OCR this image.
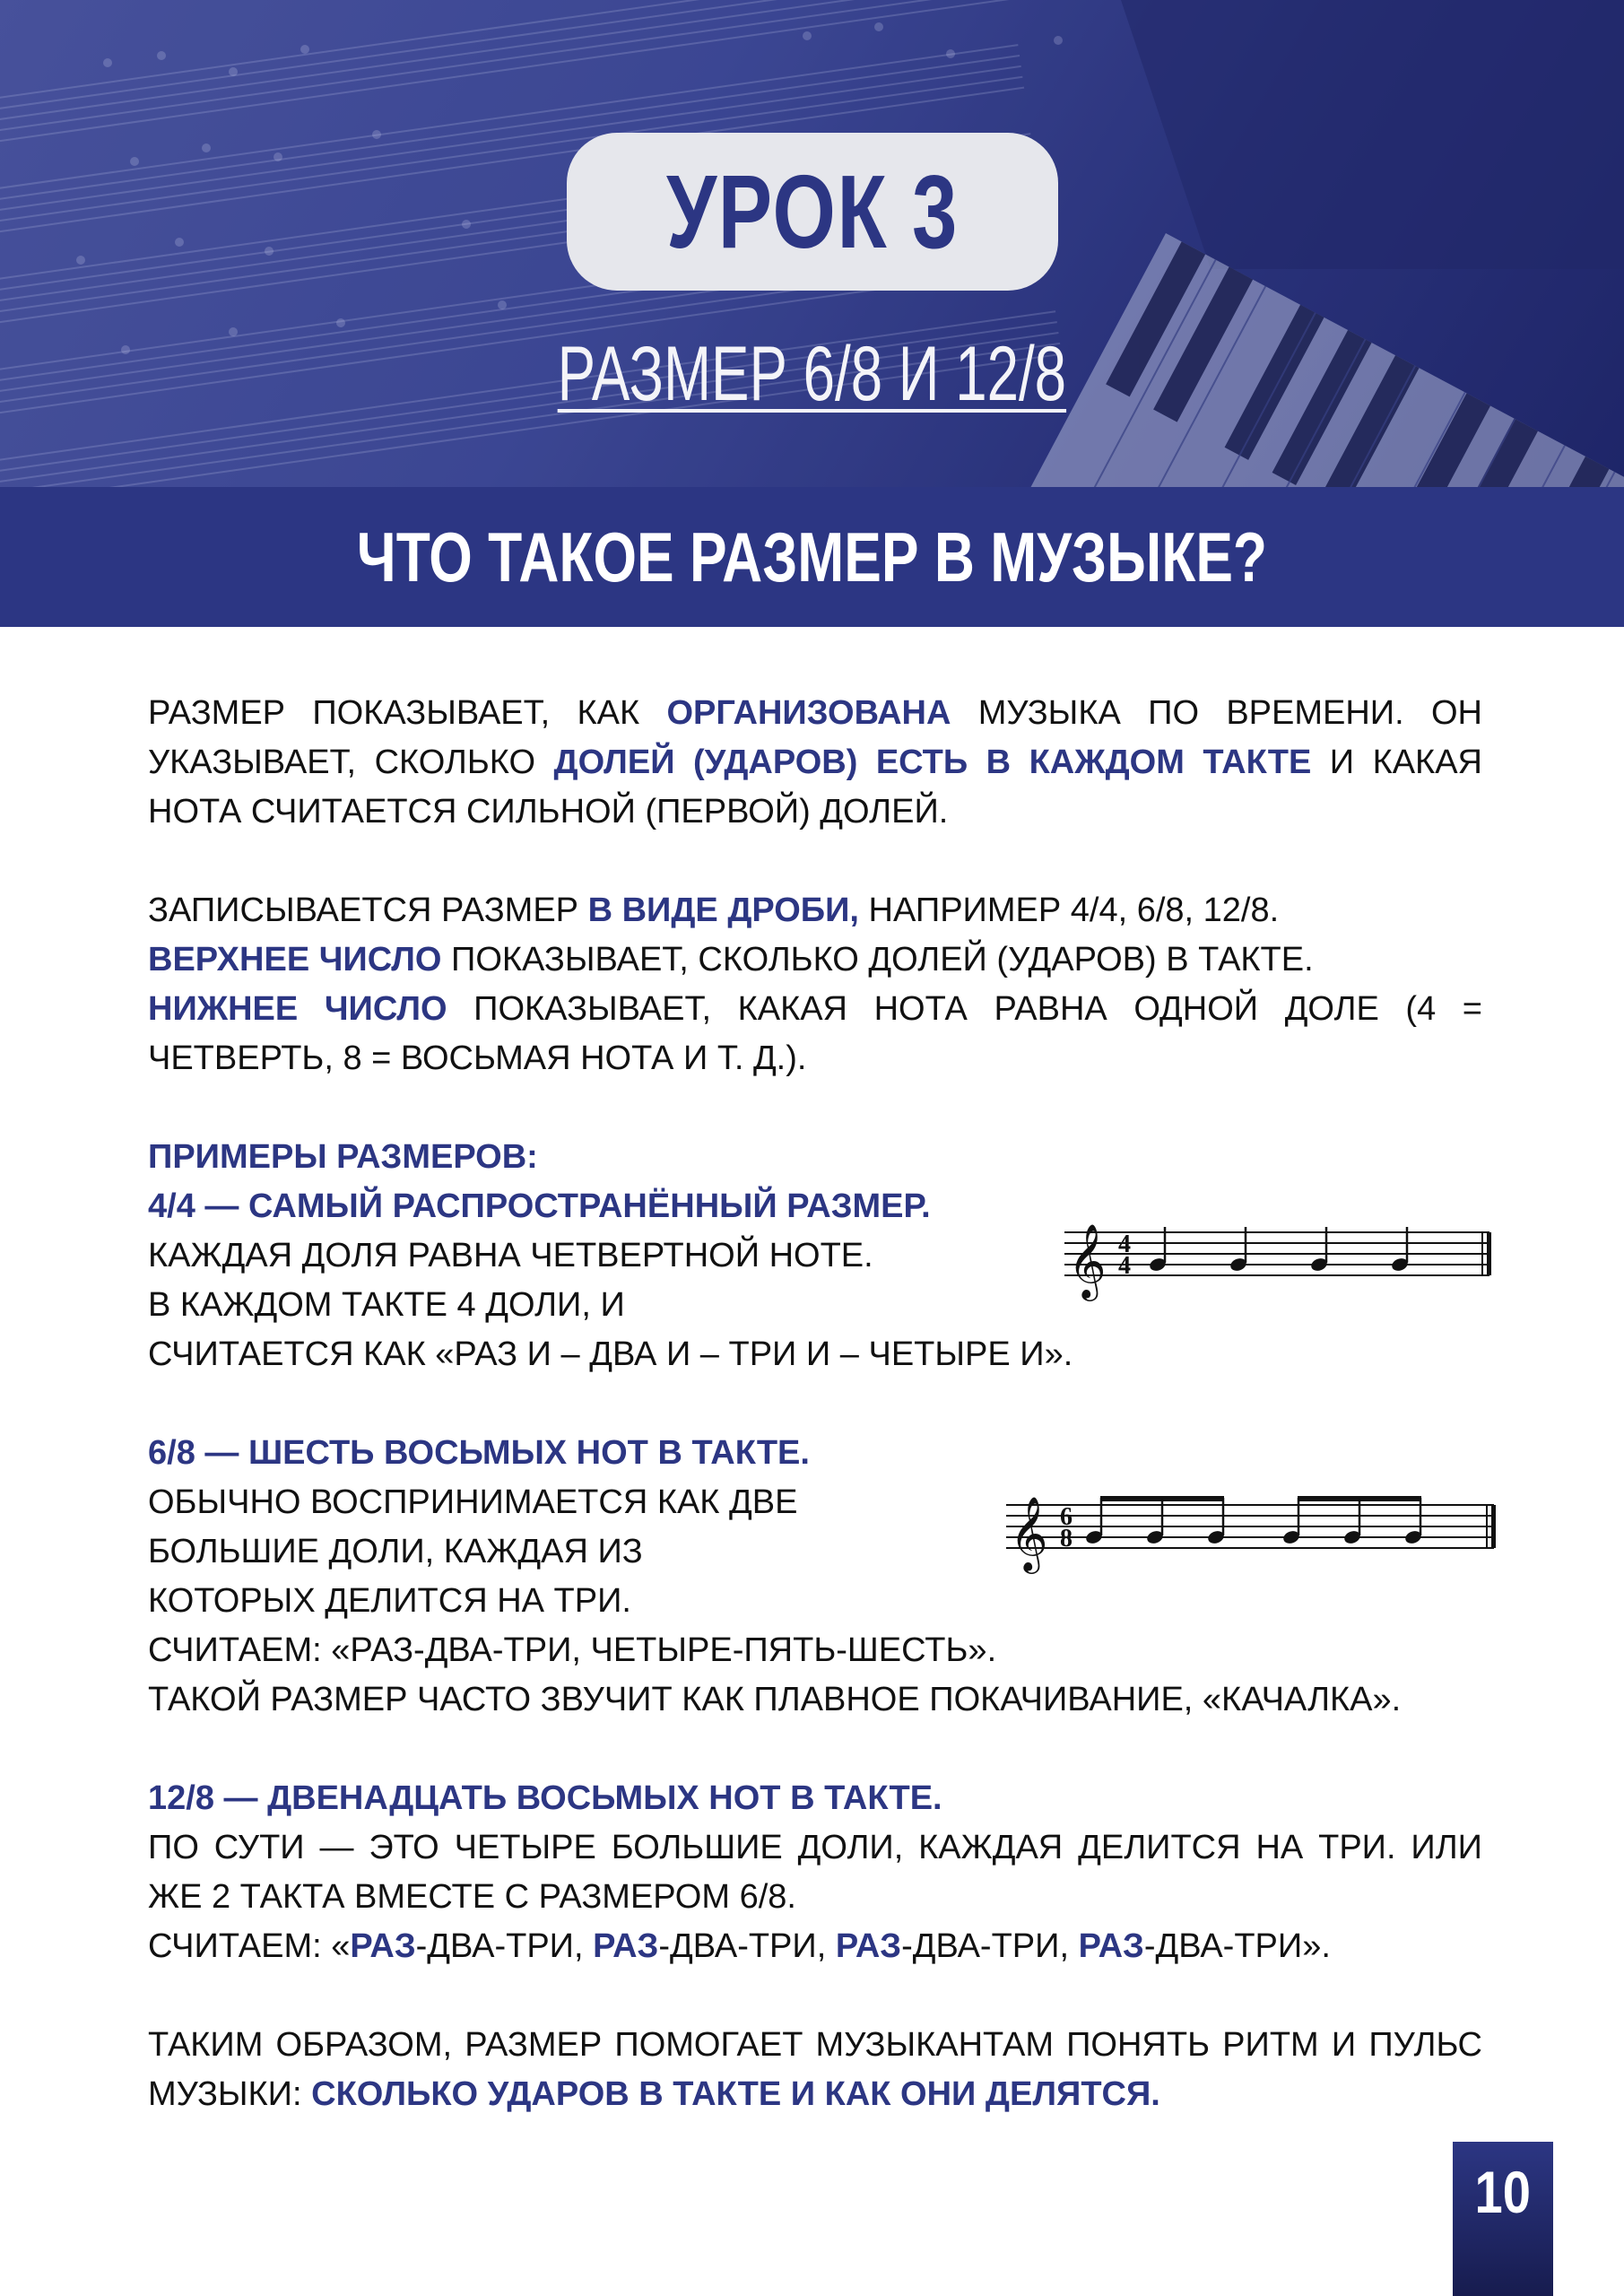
УРОК 3
РАЗМЕР 6/8 И 12/8
ЧТО ТАКОЕ РАЗМЕР В МУЗЫКЕ?

РАЗМЕР ПОКАЗЫВАЕТ, КАК ОРГАНИЗОВАНА МУЗЫКА ПО ВРЕМЕНИ. ОН УКАЗЫВАЕТ, СКОЛЬКО ДОЛЕЙ (УДАРОВ) ЕСТЬ В КАЖДОМ ТАКТЕ И КАКАЯ НОТА СЧИТАЕТСЯ СИЛЬНОЙ (ПЕРВОЙ) ДОЛЕЙ.

ЗАПИСЫВАЕТСЯ РАЗМЕР В ВИДЕ ДРОБИ, НАПРИМЕР 4/4, 6/8, 12/8.

ВЕРХНЕЕ ЧИСЛО ПОКАЗЫВАЕТ, СКОЛЬКО ДОЛЕЙ (УДАРОВ) В ТАКТЕ.

НИЖНЕЕ ЧИСЛО ПОКАЗЫВАЕТ, КАКАЯ НОТА РАВНА ОДНОЙ ДОЛЕ (4 = ЧЕТВЕРТЬ, 8 = ВОСЬМАЯ НОТА И Т. Д.).

ПРИМЕРЫ РАЗМЕРОВ:

4/4 — САМЫЙ РАСПРОСТРАНЁННЫЙ РАЗМЕР.

КАЖДАЯ ДОЛЯ РАВНА ЧЕТВЕРТНОЙ НОТЕ.

В КАЖДОМ ТАКТЕ 4 ДОЛИ, И

СЧИТАЕТСЯ КАК «РАЗ И – ДВА И – ТРИ И – ЧЕТЫРЕ И».

6/8 — ШЕСТЬ ВОСЬМЫХ НОТ В ТАКТЕ.

ОБЫЧНО ВОСПРИНИМАЕТСЯ КАК ДВЕ

БОЛЬШИЕ ДОЛИ, КАЖДАЯ ИЗ

КОТОРЫХ ДЕЛИТСЯ НА ТРИ.

СЧИТАЕМ: «РАЗ-ДВА-ТРИ, ЧЕТЫРЕ-ПЯТЬ-ШЕСТЬ».

ТАКОЙ РАЗМЕР ЧАСТО ЗВУЧИТ КАК ПЛАВНОЕ ПОКАЧИВАНИЕ, «КАЧАЛКА».

12/8 — ДВЕНАДЦАТЬ ВОСЬМЫХ НОТ В ТАКТЕ.

ПО СУТИ — ЭТО ЧЕТЫРЕ БОЛЬШИЕ ДОЛИ, КАЖДАЯ ДЕЛИТСЯ НА ТРИ. ИЛИ ЖЕ 2 ТАКТА ВМЕСТЕ С РАЗМЕРОМ 6/8.

СЧИТАЕМ: «РАЗ-ДВА-ТРИ, РАЗ-ДВА-ТРИ, РАЗ-ДВА-ТРИ, РАЗ-ДВА-ТРИ».

ТАКИМ ОБРАЗОМ, РАЗМЕР ПОМОГАЕТ МУЗЫКАНТАМ ПОНЯТЬ РИТМ И ПУЛЬС МУЗЫКИ: СКОЛЬКО УДАРОВ В ТАКТЕ И КАК ОНИ ДЕЛЯТСЯ.

𝄞 4
4
𝄞 6
8
10
